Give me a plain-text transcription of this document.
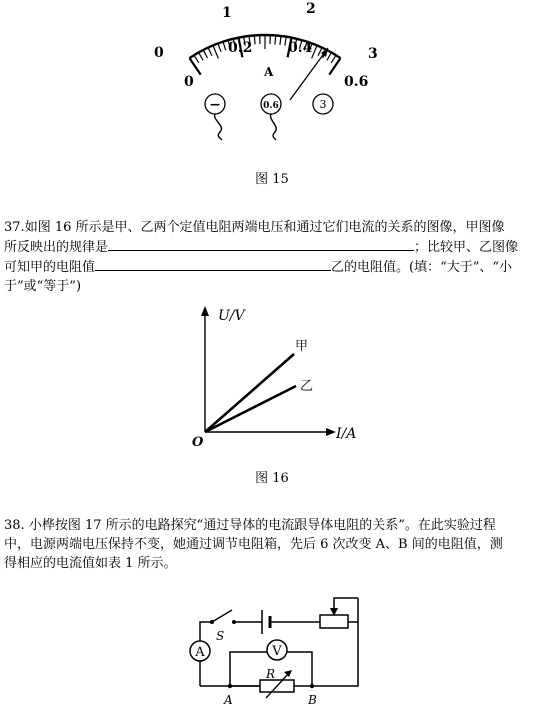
0
1	2
3
0
0.2	0.4
0.6
A
−	0.6	3
图 15
37.如图 16 所示是甲、乙两个定值电阻两端电压和通过它们电流的关系的图像，甲图像
所反映出的规律是	；比较甲、乙图像
可知甲的电阻值	乙的电阻值。(填：“大于”、“小
于”或“等于”)
U/V
I/A
O
甲
乙
图 16
38. 小桦按图 17 所示的电路探究“通过导体的电流跟导体电阻的关系”。在此实验过程
中，电源两端电压保持不变，她通过调节电阻箱，先后 6 次改变 A、B 间的电阻值，测
得相应的电流值如表 1 所示。
S
A	V
R
A	B
